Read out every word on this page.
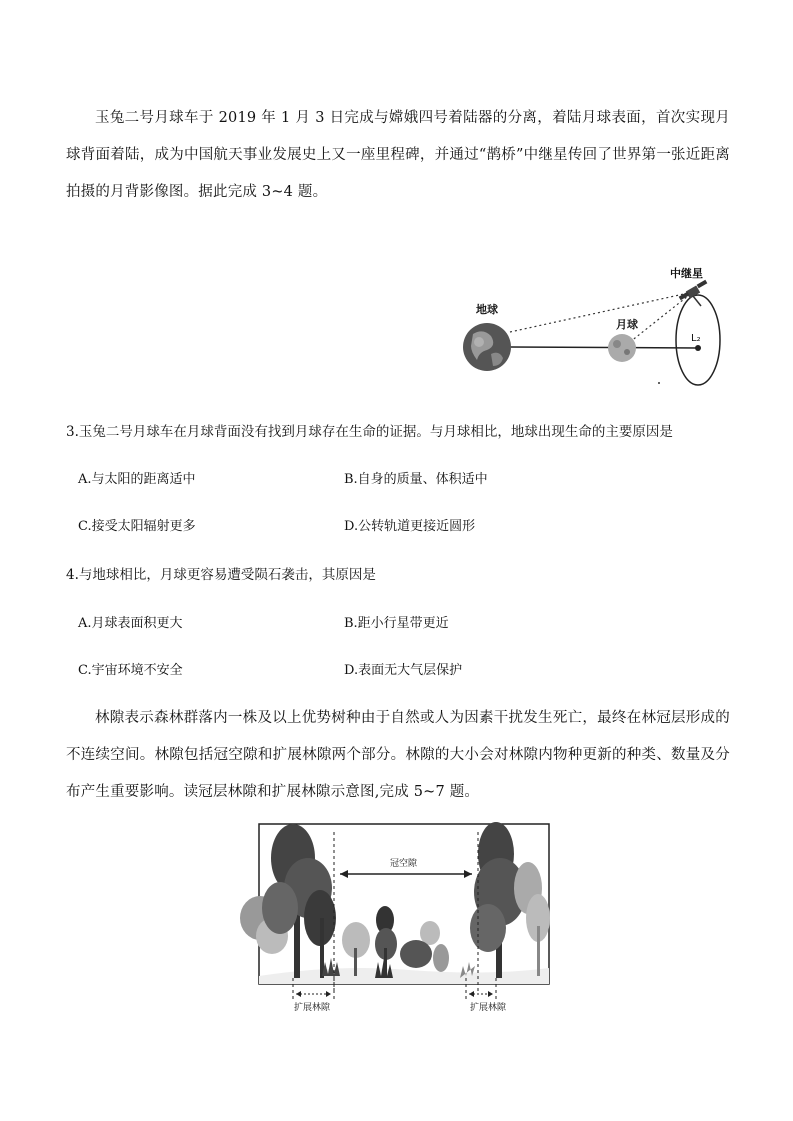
玉兔二号月球车于 2019 年 1 月 3 日完成与嫦娥四号着陆器的分离，着陆月球表面，首次实现月球背面着陆，成为中国航天事业发展史上又一座里程碑，并通过“鹊桥”中继星传回了世界第一张近距离拍摄的月背影像图。据此完成 3~4 题。
地球
月球
中继星
L₂
3.玉兔二号月球车在月球背面没有找到月球存在生命的证据。与月球相比，地球出现生命的主要原因是
A.与太阳的距离适中	B.自身的质量、体积适中
C.接受太阳辐射更多	D.公转轨道更接近圆形
4.与地球相比，月球更容易遭受陨石袭击，其原因是
A.月球表面积更大	B.距小行星带更近
C.宇宙环境不安全	D.表面无大气层保护
林隙表示森林群落内一株及以上优势树种由于自然或人为因素干扰发生死亡，最终在林冠层形成的不连续空间。林隙包括冠空隙和扩展林隙两个部分。林隙的大小会对林隙内物种更新的种类、数量及分布产生重要影响。读冠层林隙和扩展林隙示意图,完成 5~7 题。
冠空隙
扩展林隙	扩展林隙
